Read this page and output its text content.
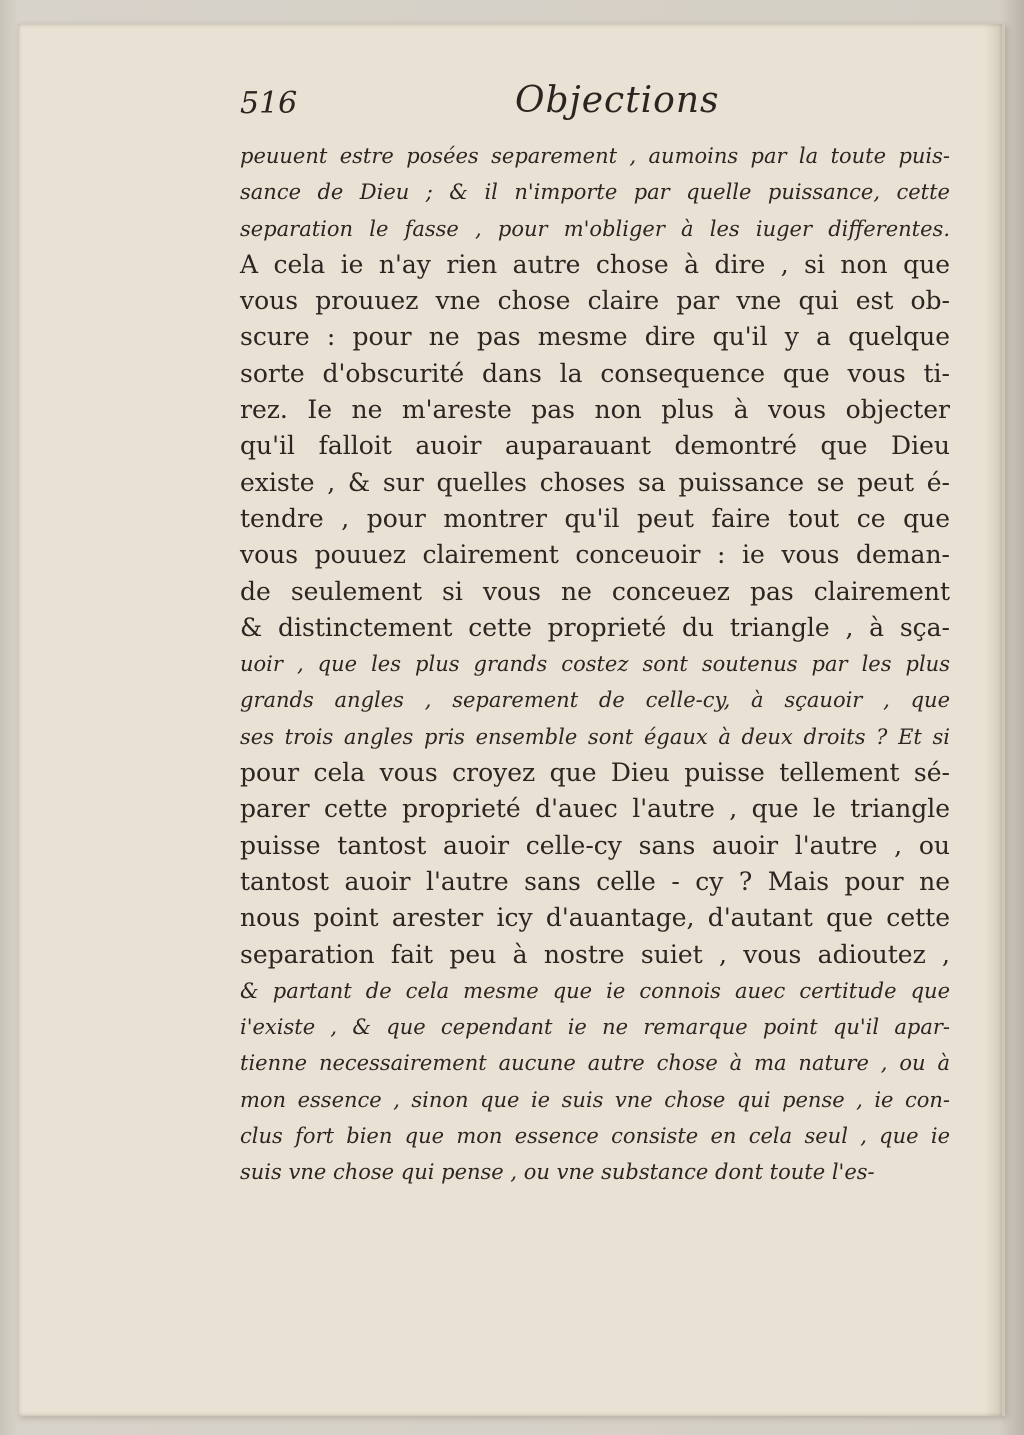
516	Objections
peuuent estre posées separement , aumoins par la toute puis-
sance de Dieu ; & il n'importe par quelle puissance, cette
separation le fasse , pour m'obliger à les iuger differentes.
A cela ie n'ay rien autre chose à dire , si non que
vous prouuez vne chose claire par vne qui est ob-
scure : pour ne pas mesme dire qu'il y a quelque
sorte d'obscurité dans la consequence que vous ti-
rez. Ie ne m'areste pas non plus à vous objecter
qu'il falloit auoir auparauant demontré que Dieu
existe , & sur quelles choses sa puissance se peut é-
tendre , pour montrer qu'il peut faire tout ce que
vous pouuez clairement conceuoir : ie vous deman-
de seulement si vous ne conceuez pas clairement
& distinctement cette proprieté du triangle , à sça-
uoir , que les plus grands costez sont soutenus par les plus
grands angles , separement de celle-cy, à sçauoir , que
ses trois angles pris ensemble sont égaux à deux droits ? Et si
pour cela vous croyez que Dieu puisse tellement sé-
parer cette proprieté d'auec l'autre , que le triangle
puisse tantost auoir celle-cy sans auoir l'autre , ou
tantost auoir l'autre sans celle - cy ? Mais pour ne
nous point arester icy d'auantage, d'autant que cette
separation fait peu à nostre suiet , vous adioutez ,
& partant de cela mesme que ie connois auec certitude que
i'existe , & que cependant ie ne remarque point qu'il apar-
tienne necessairement aucune autre chose à ma nature , ou à
mon essence , sinon que ie suis vne chose qui pense , ie con-
clus fort bien que mon essence consiste en cela seul , que ie
suis vne chose qui pense , ou vne substance dont toute l'es-
